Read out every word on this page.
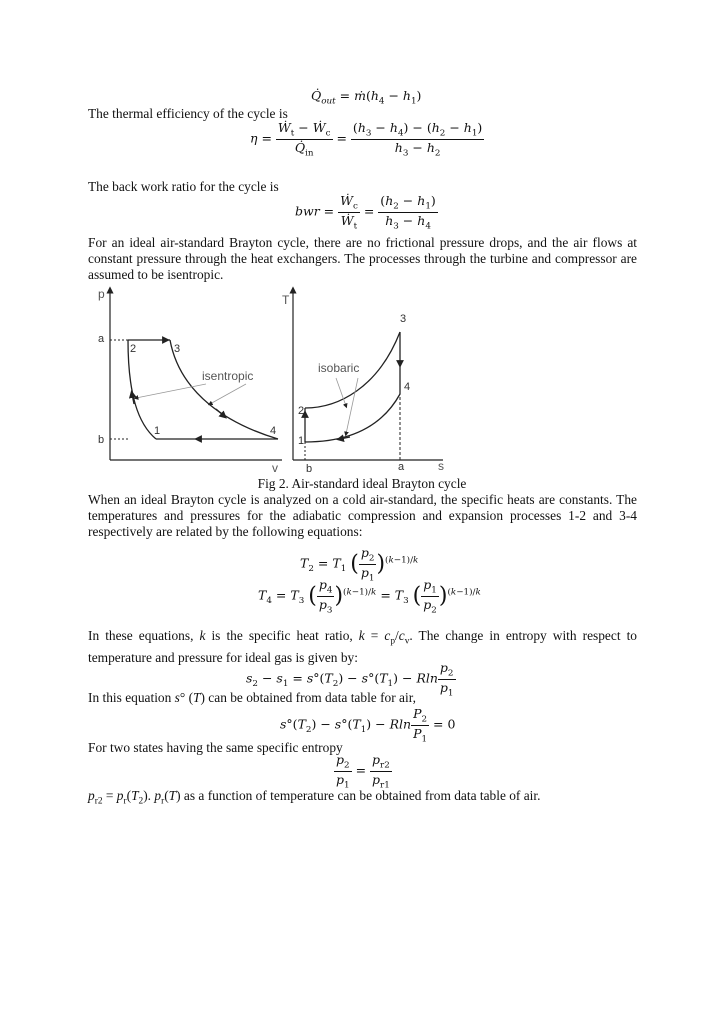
$Q̇_{out}$ = $ṁ(h_4 - h_1)$

The thermal efficiency of the cycle is

$\eta = \frac{Ẇ_t - Ẇ_c}{Q̇_{in}} = \frac{(h_3 - h_4) - (h_2 - h_1)}{h_3 - h_2}$

The back work ratio for the cycle is

bwr = $\frac{Ẇ_c}{Ẇ_t} = \frac{(h_2 - h_1)}{h_3 - h_4}$

For an ideal air-standard Brayton cycle, there are no frictional pressure drops, and the air flows at constant pressure through the heat exchangers. The processes through the turbine and compressor are assumed to be isentropic.

p
v
a
b
1
2	3
4
isentropic
T
s
b	a
1
2
3
4
isobaric
Fig 2. Air-standard ideal Brayton cycle

When an ideal Brayton cycle is analyzed on a cold air-standard, the specific heats are constants. The temperatures and pressures for the adiabatic compression and expansion processes 1-2 and 3-4 respectively are related by the following equations:

$T_2 = T_1$ ( $\frac{p_2}{p_1} )^{(k-1)/k}$
$T_4 = T_3$ ( $\frac{p_4}{p_3} )^{(k-1)/k} = T_3$ ( $\frac{p_1}{p_2} )^{(k-1)/k}$

In these equations, k is the specific heat ratio, $k = c_p/c_v$. The change in entropy with respect to temperature and pressure for ideal gas is given by:

$s_2 - s_1 = s^\circ(T_2) - s^\circ(T_1) - Rln \frac{p_2}{p_1}$

In this equation s° (T) can be obtained from data table for air,

$s^\circ(T_2) - s^\circ(T_1) - Rln \frac{P_2}{P_1} = 0$

For two states having the same specific entropy

$\frac{p_2}{p_1} = \frac{p_{r2}}{p_{r1}}$

$p_{r2} = p_r(T_2)$. $p_r(T)$ as a function of temperature can be obtained from data table of air.
